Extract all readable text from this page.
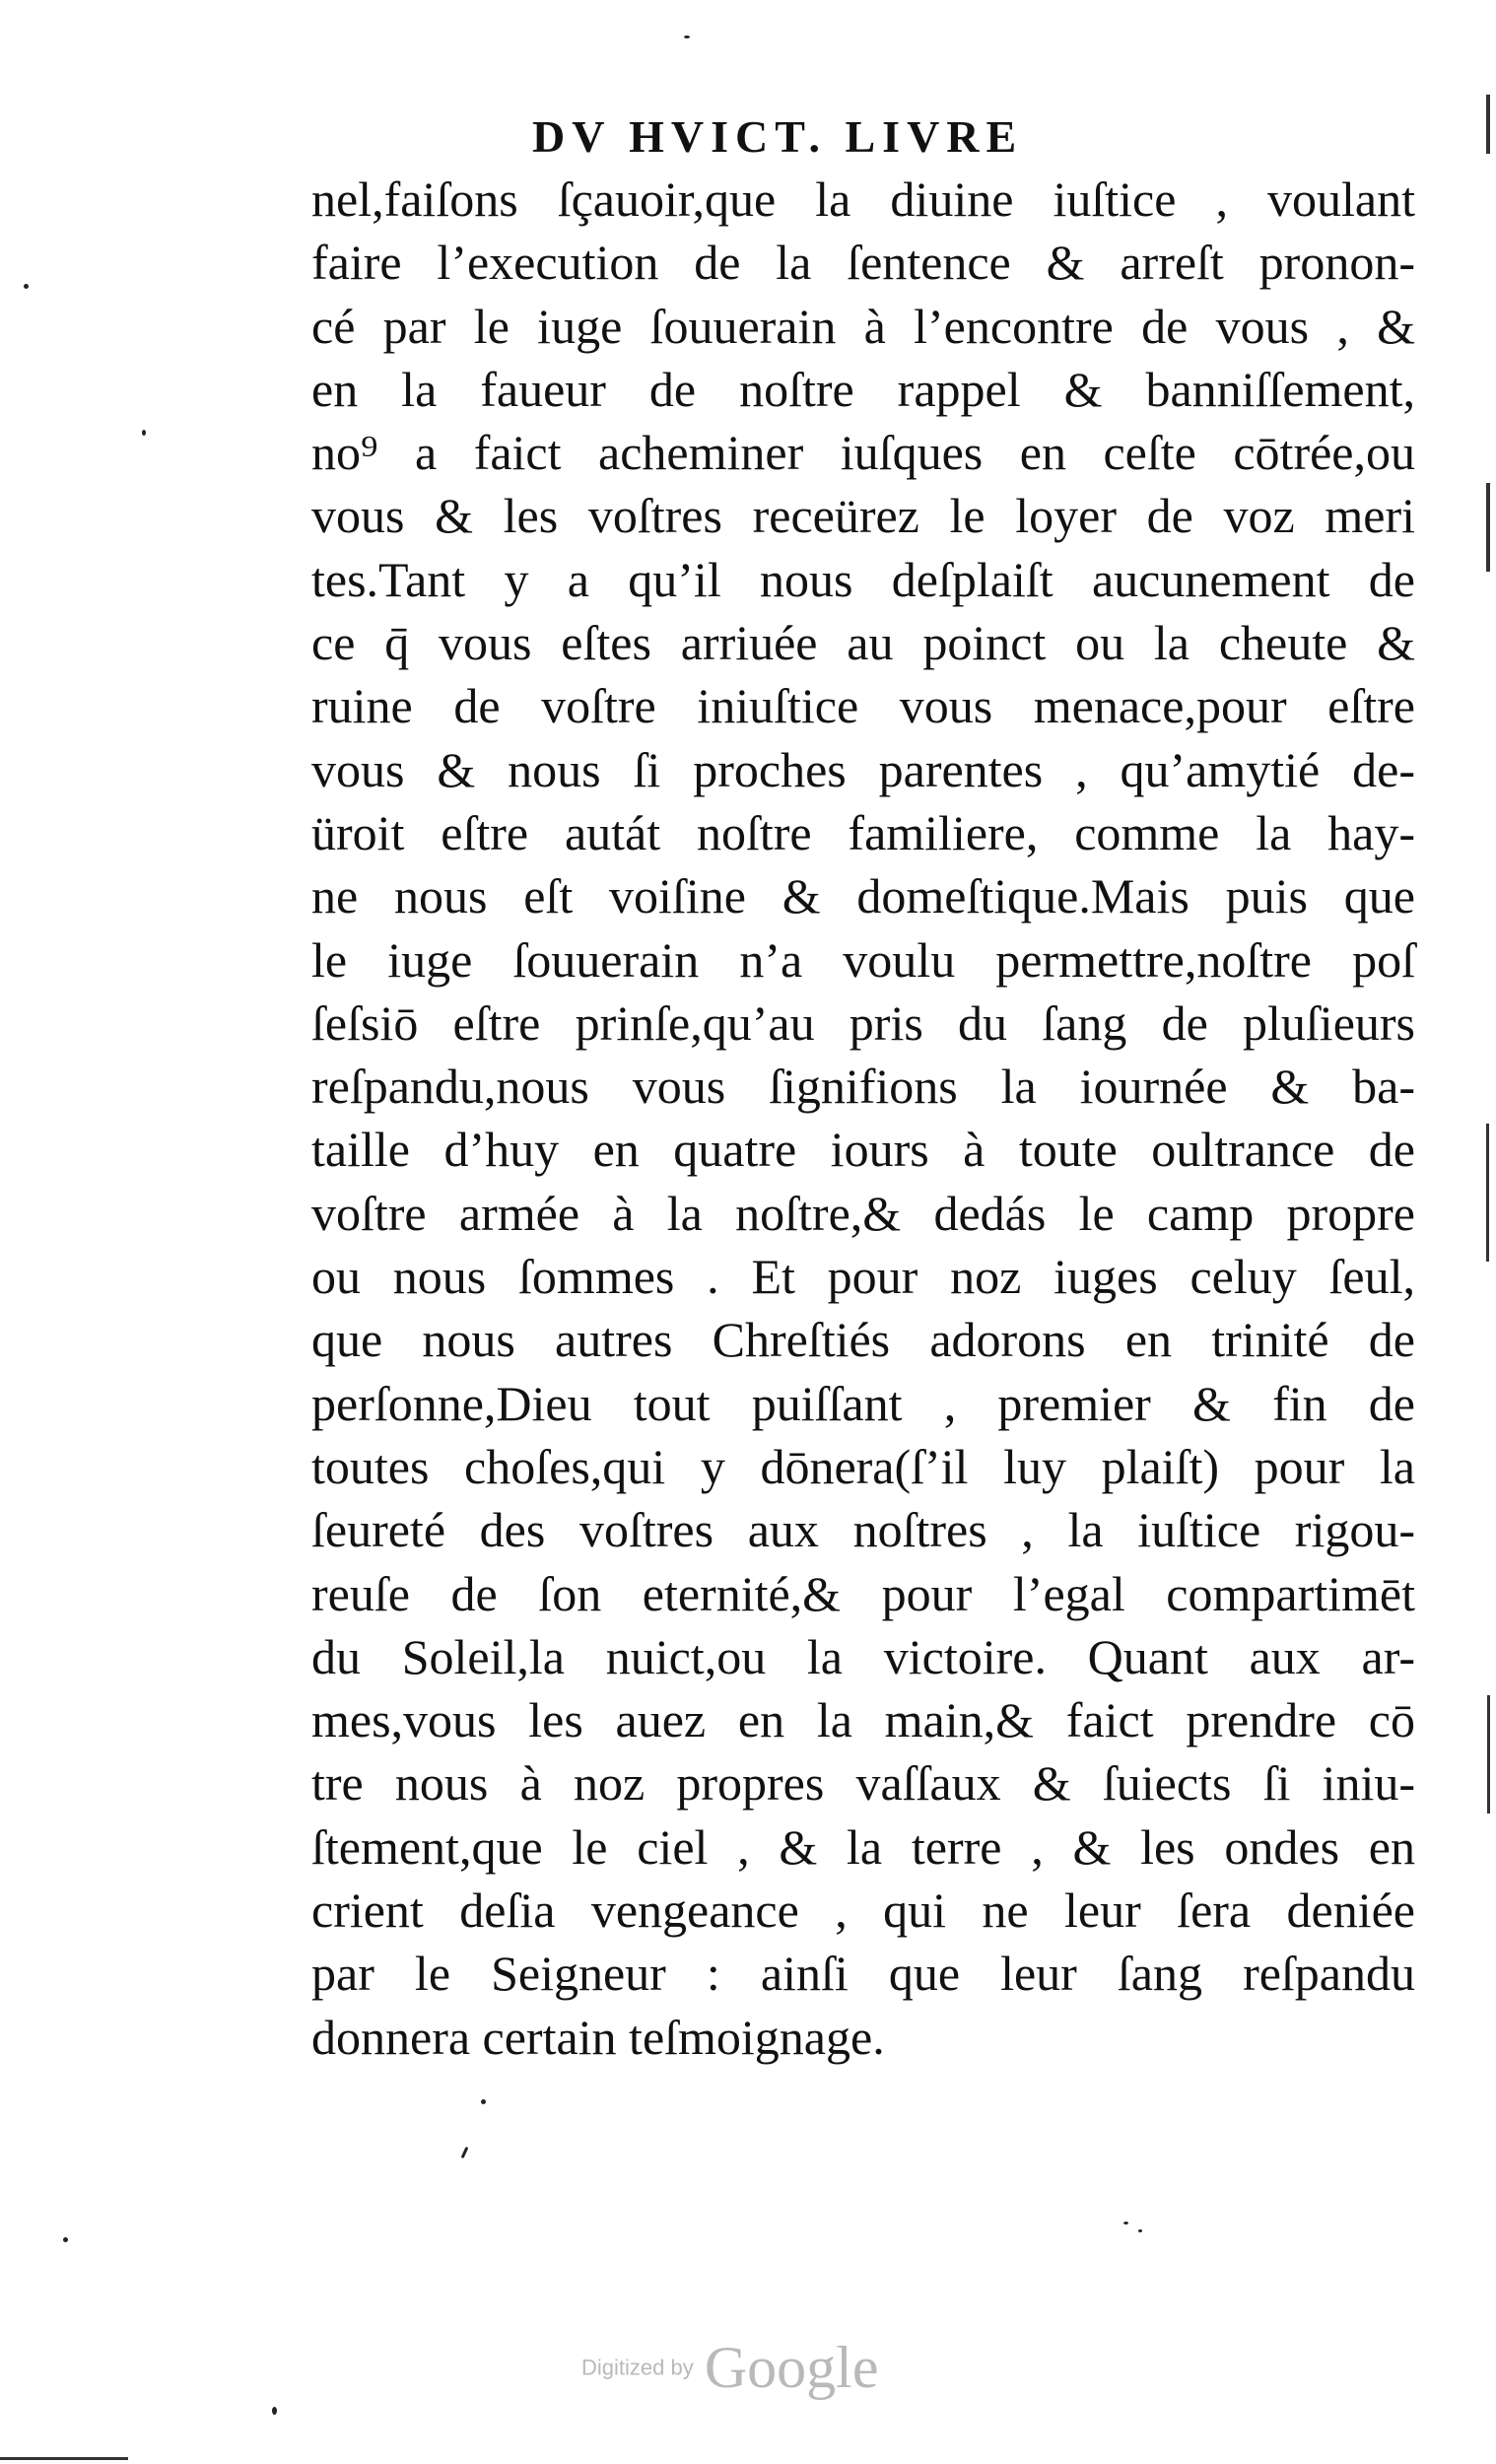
DV HVICT. LIVRE
nel,faiſons ſçauoir,que la diuine iuſtice , voulant
faire l’execution de la ſentence & arreſt pronon-
cé par le iuge ſouuerain à l’encontre de vous , &
en la faueur de noſtre rappel & banniſſement,
no⁹ a faict acheminer iuſques en ceſte cōtrée,ou
vous & les voſtres receürez le loyer de voz meri
tes.Tant y a qu’il nous deſplaiſt aucunement de
ce q̄ vous eſtes arriuée au poinct ou la cheute &
ruine de voſtre iniuſtice vous menace,pour eſtre
vous & nous ſi proches parentes , qu’amytié de-
üroit eſtre autát noſtre familiere, comme la hay-
ne nous eſt voiſine & domeſtique.Mais puis que
le iuge ſouuerain n’a voulu permettre,noſtre poſ
ſeſsiō eſtre prinſe,qu’au pris du ſang de pluſieurs
reſpandu,nous vous ſignifions la iournée & ba-
taille d’huy en quatre iours à toute oultrance de
voſtre armée à la noſtre,& dedás le camp propre
ou nous ſommes . Et pour noz iuges celuy ſeul,
que nous autres Chreſtiés adorons en trinité de
perſonne,Dieu tout puiſſant , premier & fin de
toutes choſes,qui y dōnera(ſ’il luy plaiſt) pour la
ſeureté des voſtres aux noſtres , la iuſtice rigou-
reuſe de ſon eternité,& pour l’egal compartimēt
du Soleil,la nuict,ou la victoire. Quant aux ar-
mes,vous les auez en la main,& faict prendre cō
tre nous à noz propres vaſſaux & ſuiects ſi iniu-
ſtement,que le ciel , & la terre , & les ondes en
crient deſia vengeance , qui ne leur ſera deniée
par le Seigneur : ainſi que leur ſang reſpandu
donnera certain teſmoignage.
Digitized by Google
